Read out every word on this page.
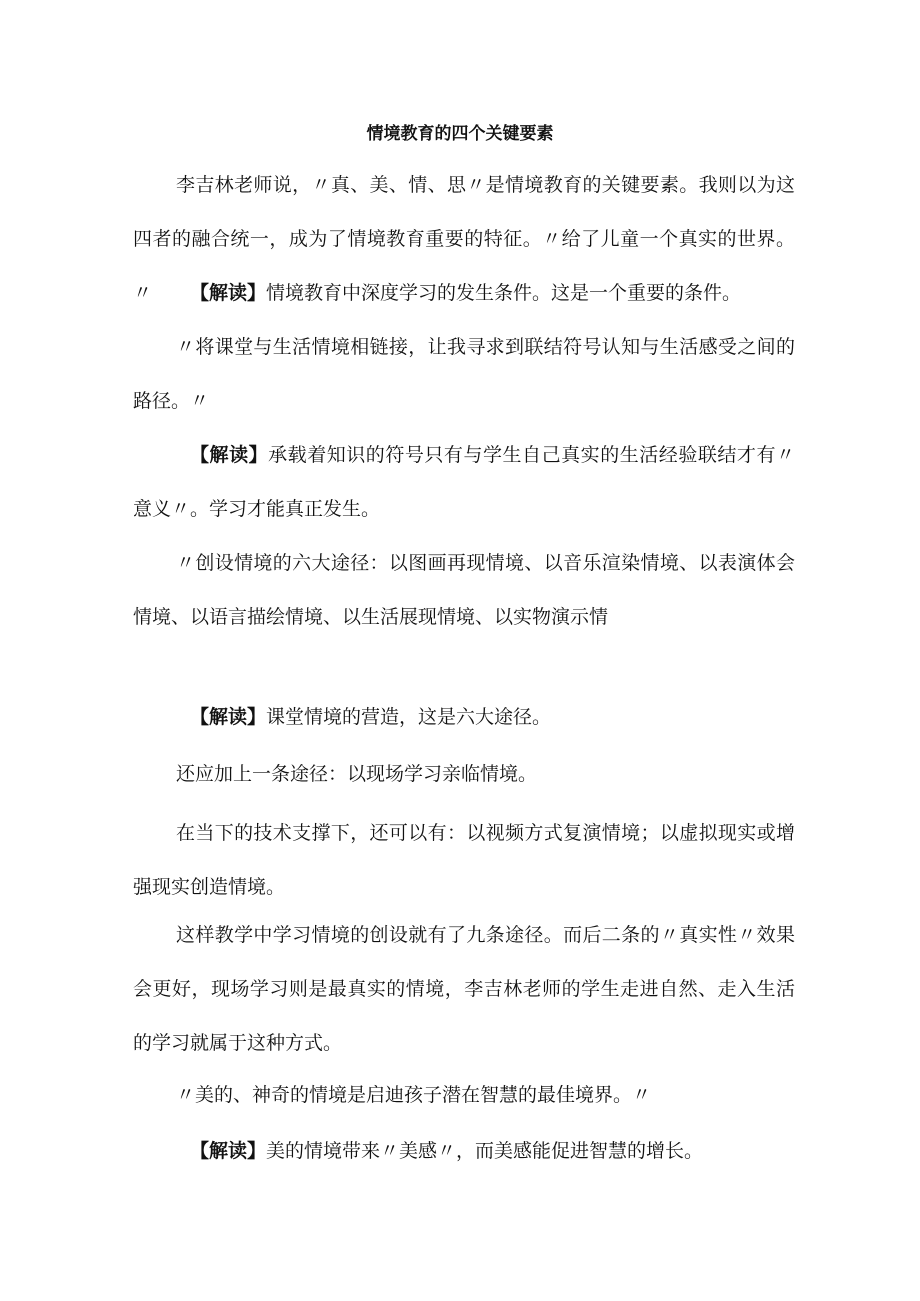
情境教育的四个关键要素

李吉林老师说，〃真、美、情、思〃是情境教育的关键要素。我则以为这四者的融合统一，成为了情境教育重要的特征。〃给了儿童一个真实的世界。〃	【解读】情境教育中深度学习的发生条件。这是一个重要的条件。

〃将课堂与生活情境相链接，让我寻求到联结符号认知与生活感受之间的路径。〃

【解读】承载着知识的符号只有与学生自己真实的生活经验联结才有〃意义〃。学习才能真正发生。

〃创设情境的六大途径：以图画再现情境、以音乐渲染情境、以表演体会情境、以语言描绘情境、以生活展现情境、以实物演示情

【解读】课堂情境的营造，这是六大途径。

还应加上一条途径：以现场学习亲临情境。

在当下的技术支撑下，还可以有：以视频方式复演情境；以虚拟现实或增强现实创造情境。

这样教学中学习情境的创设就有了九条途径。而后二条的〃真实性〃效果会更好，现场学习则是最真实的情境，李吉林老师的学生走进自然、走入生活的学习就属于这种方式。

〃美的、神奇的情境是启迪孩子潜在智慧的最佳境界。〃

【解读】美的情境带来〃美感〃，而美感能促进智慧的增长。
